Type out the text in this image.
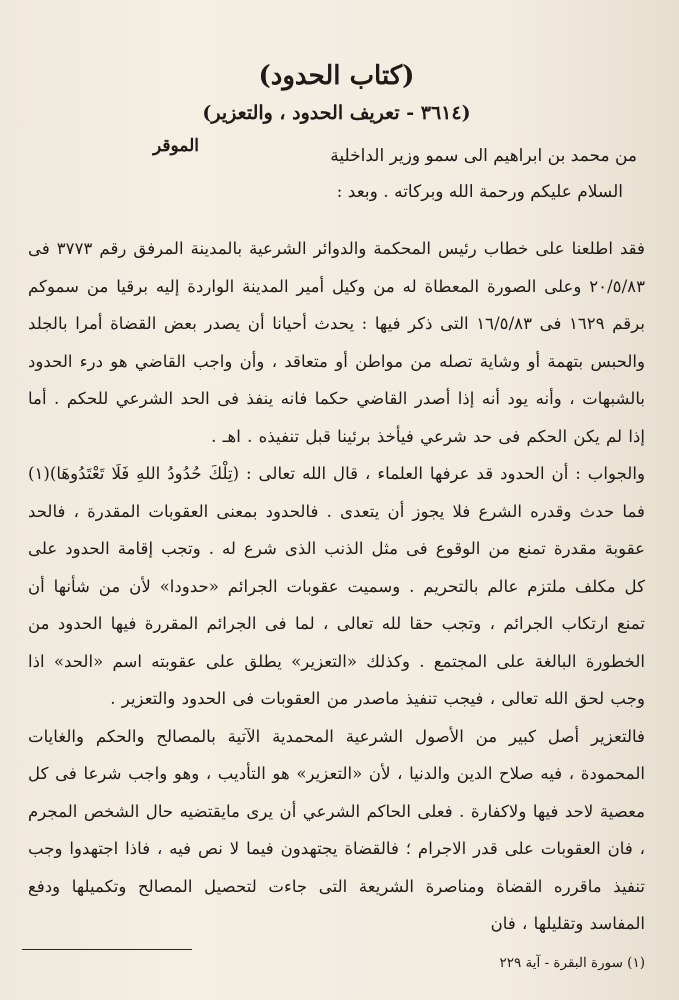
(كتاب الحدود)
(٣٦١٤ - تعريف الحدود ، والتعزير)
من محمد بن ابراهيم الى سمو وزير الداخلية
الموقر
السلام عليكم ورحمة الله وبركاته . وبعد :

فقد اطلعنا على خطاب رئيس المحكمة والدوائر الشرعية بالمدينة المرفق رقم ٣٧٧٣ فى ٢٠/٥/٨٣ وعلى الصورة المعطاة له من وكيل أمير المدينة الواردة إليه برقيا من سموكم برقم ١٦٢٩ فى ١٦/٥/٨٣ التى ذكر فيها : يحدث أحيانا أن يصدر بعض القضاة أمرا بالجلد والحبس بتهمة أو وشاية تصله من مواطن أو متعاقد ، وأن واجب القاضي هو درء الحدود بالشبهات ، وأنه يود أنه إذا أصدر القاضي حكما فانه ينفذ فى الحد الشرعي للحكم . أما إذا لم يكن الحكم فى حد شرعي فيأخذ برئينا قبل تنفيذه . اهـ .

والجواب : أن الحدود قد عرفها العلماء ، قال الله تعالى : (تِلْكَ حُدُودُ اللهِ فَلَا تَعْتَدُوهَا)(١) فما حدث وقدره الشرع فلا يجوز أن يتعدى . فالحدود بمعنى العقوبات المقدرة ، فالحد عقوبة مقدرة تمنع من الوقوع فى مثل الذنب الذى شرع له . وتجب إقامة الحدود على كل مكلف ملتزم عالم بالتحريم . وسميت عقوبات الجرائم «حدودا» لأن من شأنها أن تمنع ارتكاب الجرائم ، وتجب حقا لله تعالى ، لما فى الجرائم المقررة فيها الحدود من الخطورة البالغة على المجتمع . وكذلك «التعزير» يطلق على عقوبته اسم «الحد» اذا وجب لحق الله تعالى ، فيجب تنفيذ ماصدر من العقوبات فى الحدود والتعزير .

فالتعزير أصل كبير من الأصول الشرعية المحمدية الآتية بالمصالح والحكم والغايات المحمودة ، فيه صلاح الدين والدنيا ، لأن «التعزير» هو التأديب ، وهو واجب شرعا فى كل معصية لاحد فيها ولاكفارة . فعلى الحاكم الشرعي أن يرى مايقتضيه حال الشخص المجرم ، فان العقوبات على قدر الاجرام ؛ فالقضاة يجتهدون فيما لا نص فيه ، فاذا اجتهدوا وجب تنفيذ ماقرره القضاة ومناصرة الشريعة التى جاءت لتحصيل المصالح وتكميلها ودفع المفاسد وتقليلها ، فان

(١) سورة البقرة - آية ٢٢٩
